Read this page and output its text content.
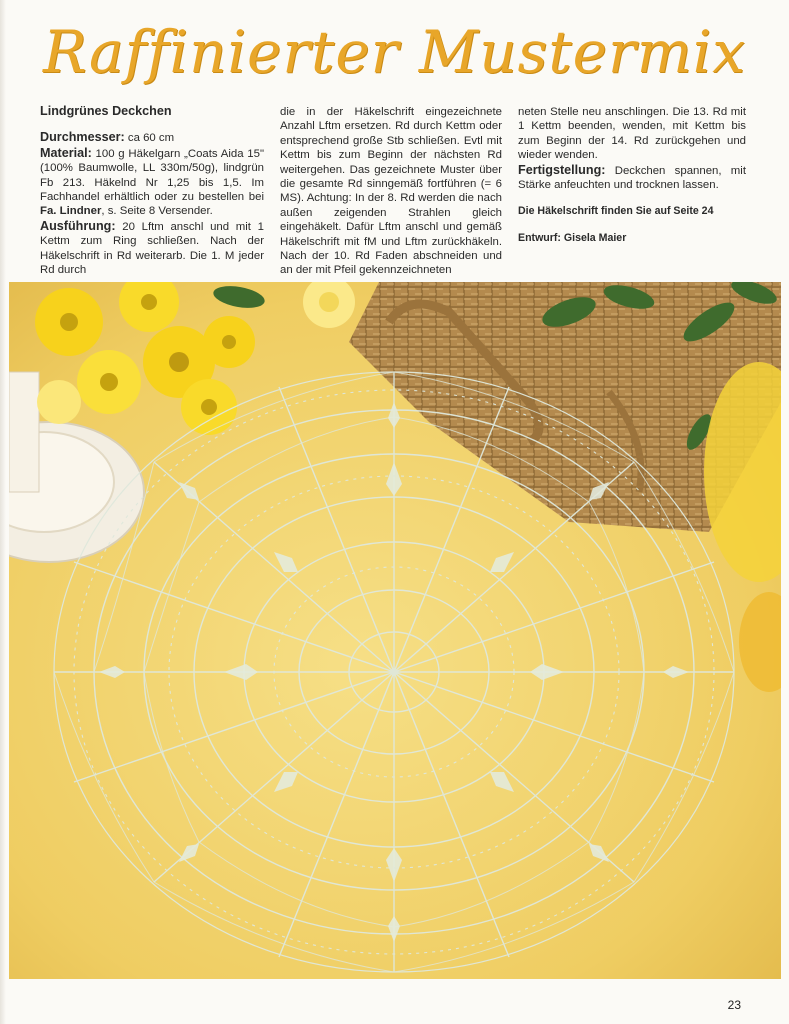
Raffinierter Mustermix

Lindgrünes Deckchen

Durchmesser: ca 60 cm

Material: 100 g Häkelgarn „Coats Aida 15" (100% Baumwolle, LL 330m/50g), lindgrün Fb 213. Häkelnd Nr 1,25 bis 1,5. Im Fachhandel erhältlich oder zu bestellen bei Fa. Lindner, s. Seite 8 Versender.

Ausführung: 20 Lftm anschl und mit 1 Kettm zum Ring schließen. Nach der Häkelschrift in Rd weiterarb. Die 1. M jeder Rd durch

die in der Häkelschrift eingezeichnete Anzahl Lftm ersetzen. Rd durch Kettm oder entsprechend große Stb schließen. Evtl mit Kettm bis zum Beginn der nächsten Rd weitergehen. Das gezeichnete Muster über die gesamte Rd sinngemäß fortführen (= 6 MS). Achtung: In der 8. Rd werden die nach außen zeigenden Strahlen gleich eingehäkelt. Dafür Lftm anschl und gemäß Häkelschrift mit fM und Lftm zurückhäkeln. Nach der 10. Rd Faden abschneiden und an der mit Pfeil gekennzeichneten

neten Stelle neu anschlingen. Die 13. Rd mit 1 Kettm beenden, wenden, mit Kettm bis zum Beginn der 14. Rd zurückgehen und wieder wenden.

Fertigstellung: Deckchen spannen, mit Stärke anfeuchten und trocknen lassen.

Die Häkelschrift finden Sie auf Seite 24

Entwurf: Gisela Maier

23
